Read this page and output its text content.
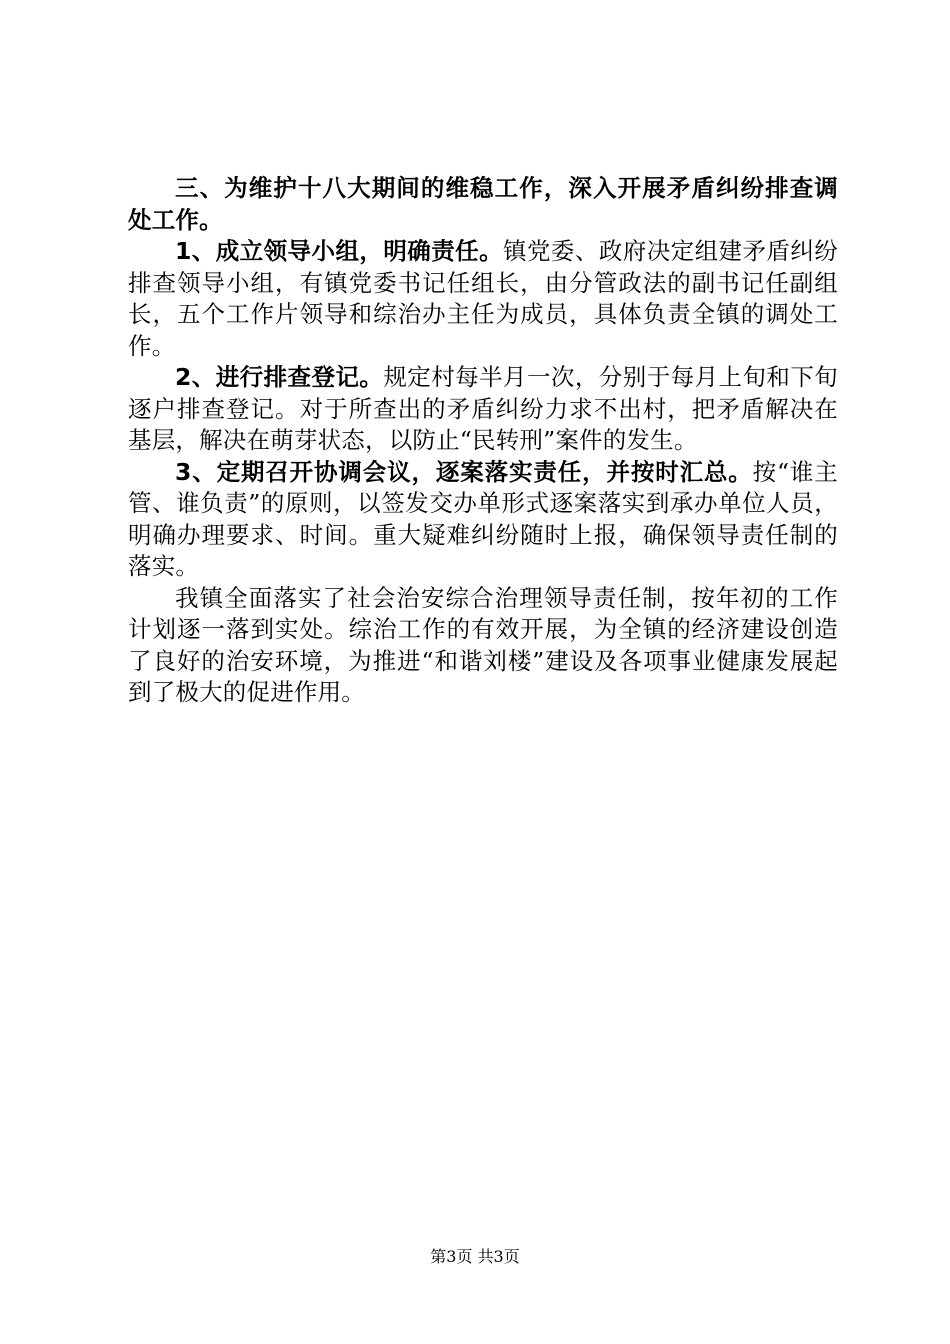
三、为维护十八大期间的维稳工作，深入开展矛盾纠纷排查调处工作。

1、成立领导小组，明确责任。镇党委、政府决定组建矛盾纠纷排查领导小组，有镇党委书记任组长，由分管政法的副书记任副组长，五个工作片领导和综治办主任为成员，具体负责全镇的调处工作。

2、进行排查登记。规定村每半月一次，分别于每月上旬和下旬逐户排查登记。对于所查出的矛盾纠纷力求不出村，把矛盾解决在基层，解决在萌芽状态，以防止“民转刑”案件的发生。

3、定期召开协调会议，逐案落实责任，并按时汇总。按“谁主管、谁负责”的原则，以签发交办单形式逐案落实到承办单位人员，明确办理要求、时间。重大疑难纠纷随时上报，确保领导责任制的落实。

我镇全面落实了社会治安综合治理领导责任制，按年初的工作计划逐一落到实处。综治工作的有效开展，为全镇的经济建设创造了良好的治安环境，为推进“和谐刘楼”建设及各项事业健康发展起到了极大的促进作用。

第3页 共3页
